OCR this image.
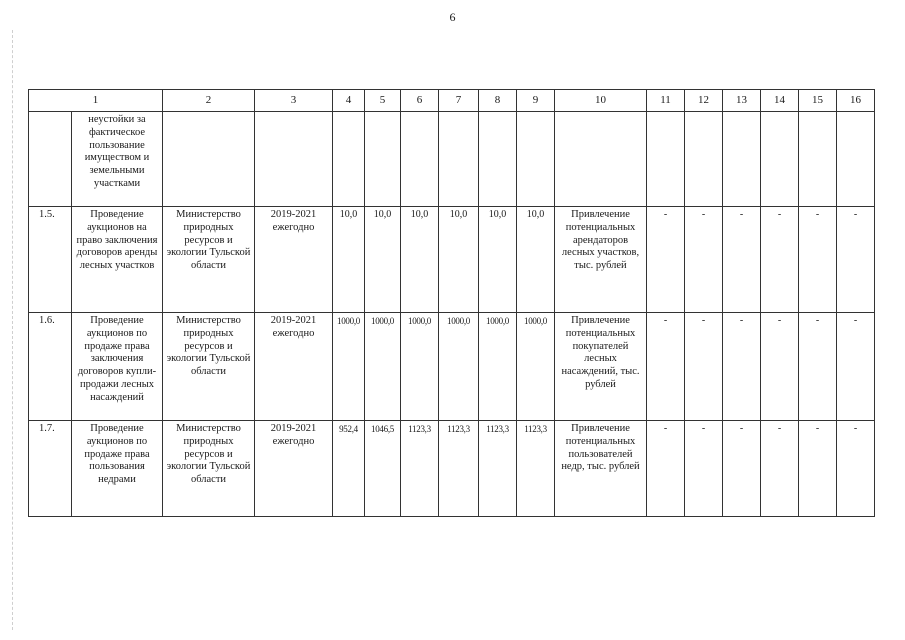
6
1		2	3	4	5	6	7	8	9	10	11	12	13	14	15	16
	неустойки за фактическое пользование имуществом и земельными участками															
1.5.	Проведение аукционов на право заключения договоров аренды лесных участков	Министерство природных ресурсов и экологии Тульской области	2019-2021 ежегодно	10,0	10,0	10,0	10,0	10,0	10,0	Привлечение потенциальных арендаторов лесных участков, тыс. рублей	-	-	-	-	-	-
1.6.	Проведение аукционов по продаже права заключения договоров купли-продажи лесных насаждений	Министерство природных ресурсов и экологии Тульской области	2019-2021 ежегодно	1000,0	1000,0	1000,0	1000,0	1000,0	1000,0	Привлечение потенциальных покупателей лесных насаждений, тыс. рублей	-	-	-	-	-	-
1.7.	Проведение аукционов по продаже права пользования недрами	Министерство природных ресурсов и экологии Тульской области	2019-2021 ежегодно	952,4	1046,5	1123,3	1123,3	1123,3	1123,3	Привлечение потенциальных пользователей недр, тыс. рублей	-	-	-	-	-	-
